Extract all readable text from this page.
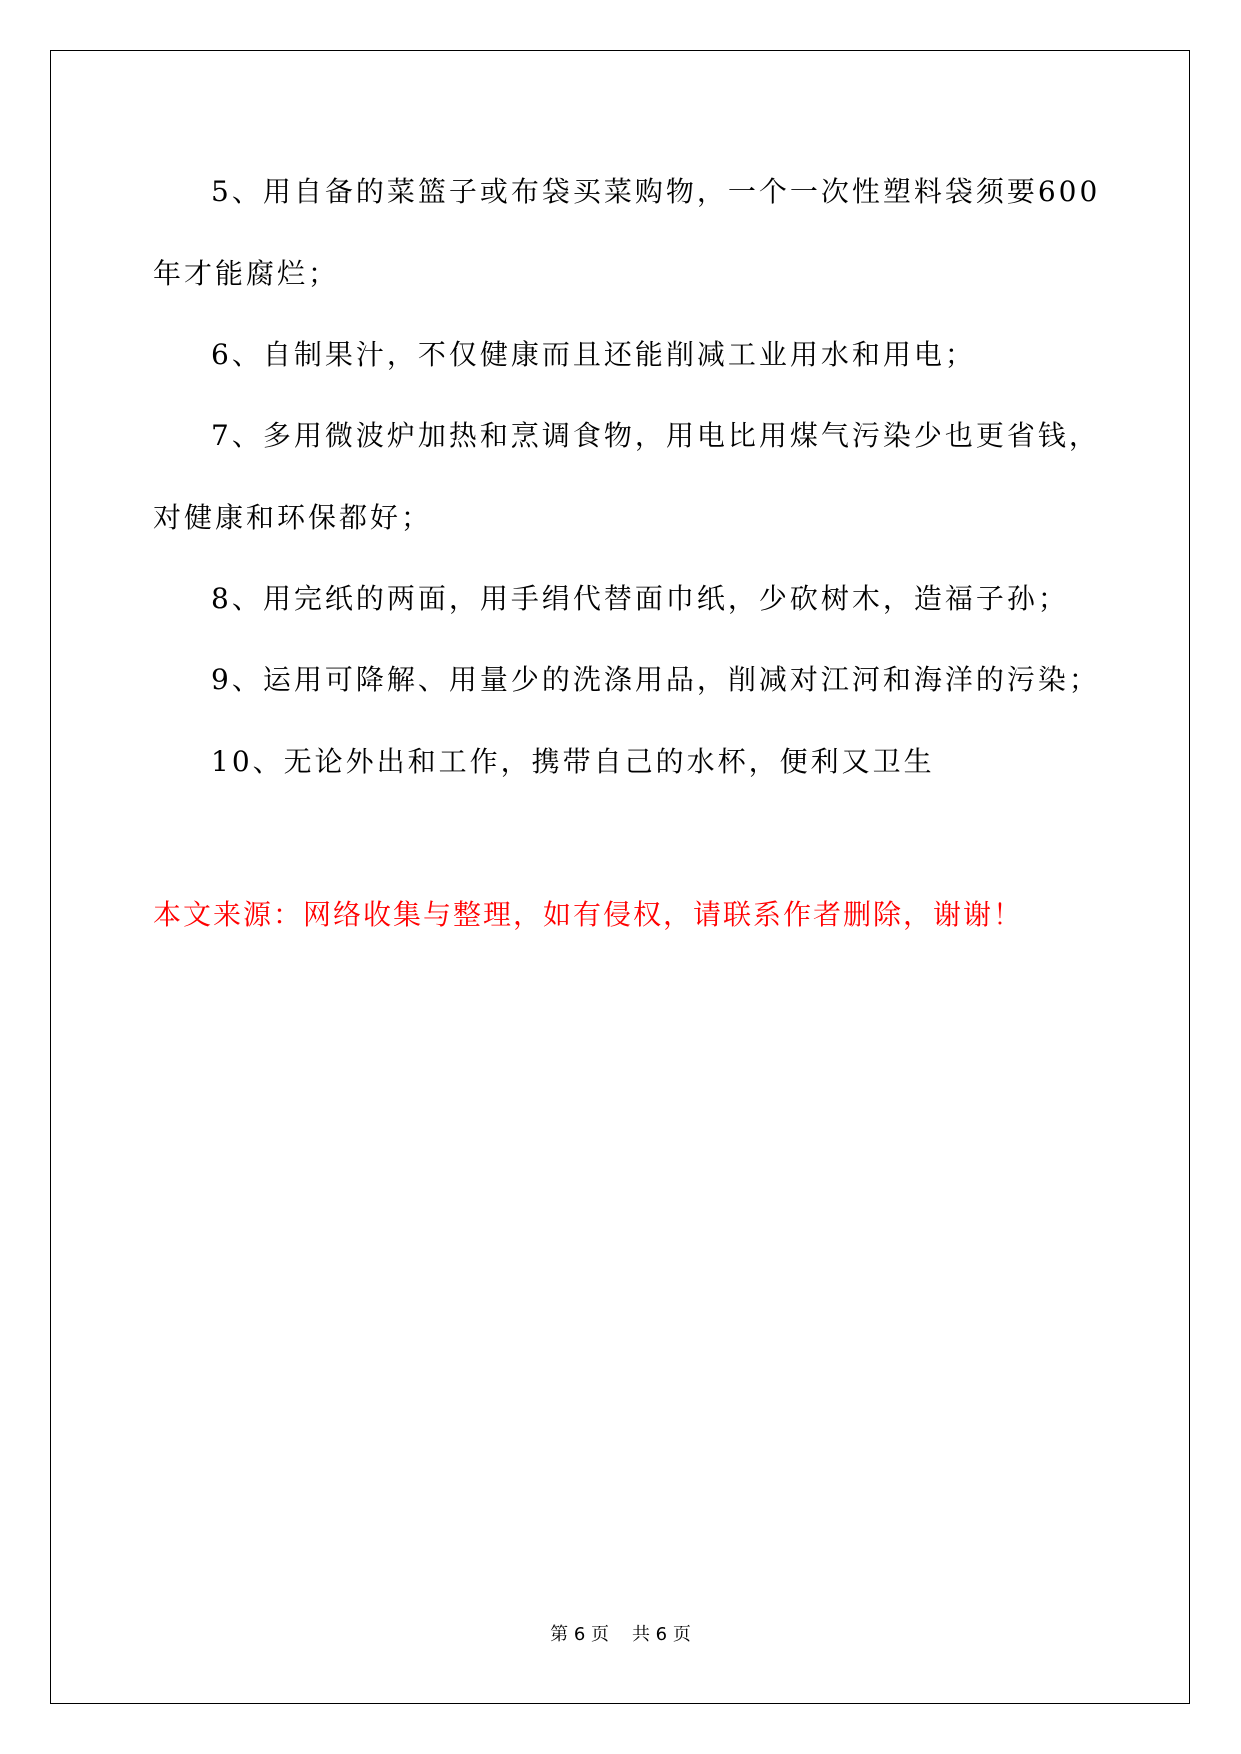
5、用自备的菜篮子或布袋买菜购物，一个一次性塑料袋须要600
年才能腐烂；
6、自制果汁，不仅健康而且还能削减工业用水和用电；
7、多用微波炉加热和烹调食物，用电比用煤气污染少也更省钱，
对健康和环保都好；
8、用完纸的两面，用手绢代替面巾纸，少砍树木，造福子孙；
9、运用可降解、用量少的洗涤用品，削减对江河和海洋的污染；
10、无论外出和工作，携带自己的水杯，便利又卫生
本文来源：网络收集与整理，如有侵权，请联系作者删除，谢谢！
第 6 页    共 6 页
